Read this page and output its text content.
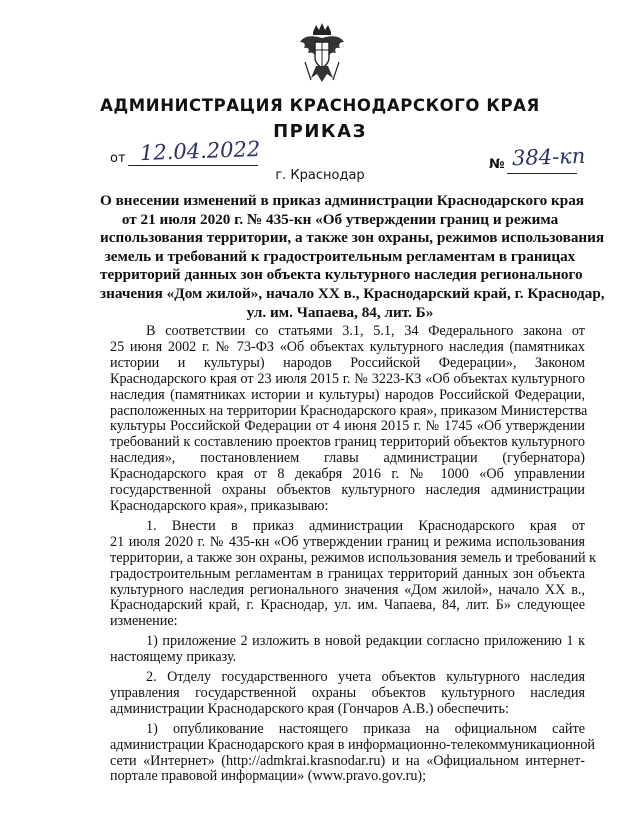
АДМИНИСТРАЦИЯ КРАСНОДАРСКОГО КРАЯ
ПРИКАЗ
от 12.04.2022
г. Краснодар
№ 384-кп
О внесении изменений в приказ администрации Краснодарского края
от 21 июля 2020 г. № 435-кн «Об утверждении границ и режима
использования территории, а также зон охраны, режимов использования
земель и требований к градостроительным регламентам в границах
территорий данных зон объекта культурного наследия регионального
значения «Дом жилой», начало ХХ в., Краснодарский край, г. Краснодар,
ул. им. Чапаева, 84, лит. Б»
В соответствии со статьями 3.1, 5.1, 34 Федерального закона от
25 июня 2002 г. № 73-ФЗ «Об объектах культурного наследия (памятниках
истории и культуры) народов Российской Федерации», Законом
Краснодарского края от 23 июля 2015 г. № 3223-КЗ «Об объектах культурного
наследия (памятниках истории и культуры) народов Российской Федерации,
расположенных на территории Краснодарского края», приказом Министерства
культуры Российской Федерации от 4 июня 2015 г. № 1745 «Об утверждении
требований к составлению проектов границ территорий объектов культурного
наследия», постановлением главы администрации (губернатора)
Краснодарского края от 8 декабря 2016 г. № 1000 «Об управлении
государственной охраны объектов культурного наследия администрации
Краснодарского края», приказываю:
1. Внести в приказ администрации Краснодарского края от
21 июля 2020 г. № 435-кн «Об утверждении границ и режима использования
территории, а также зон охраны, режимов использования земель и требований к
градостроительным регламентам в границах территорий данных зон объекта
культурного наследия регионального значения «Дом жилой», начало ХХ в.,
Краснодарский край, г. Краснодар, ул. им. Чапаева, 84, лит. Б» следующее
изменение:
1) приложение 2 изложить в новой редакции согласно приложению 1 к
настоящему приказу.
2. Отделу государственного учета объектов культурного наследия
управления государственной охраны объектов культурного наследия
администрации Краснодарского края (Гончаров А.В.) обеспечить:
1) опубликование настоящего приказа на официальном сайте
администрации Краснодарского края в информационно-телекоммуникационной
сети «Интернет» (http://admkrai.krasnodar.ru) и на «Официальном интернет-
портале правовой информации» (www.pravo.gov.ru);
